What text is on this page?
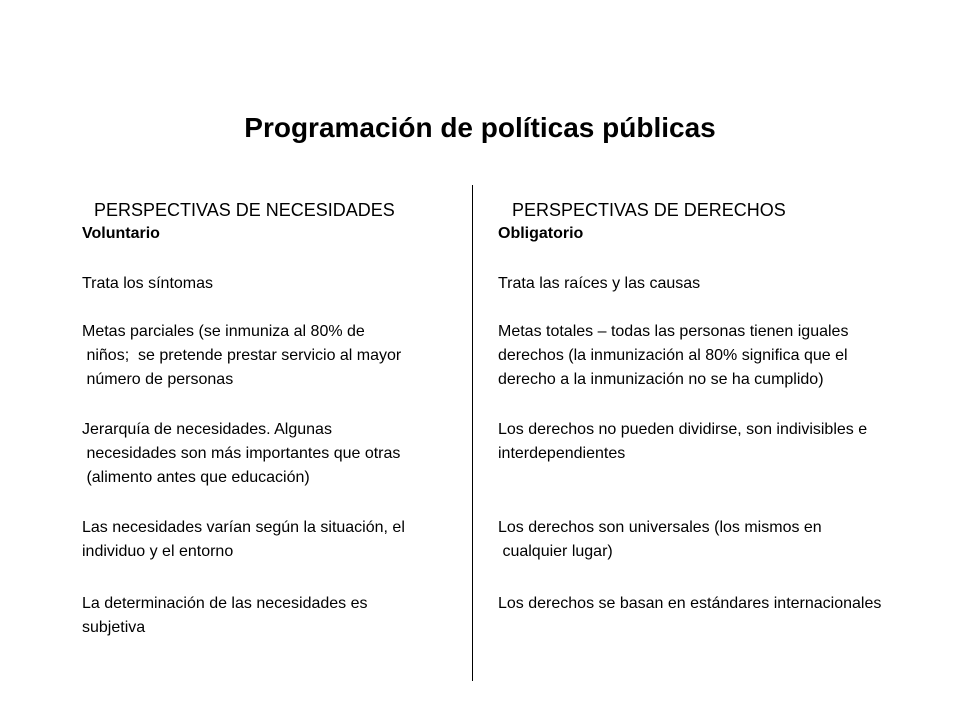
Programación de políticas públicas

PERSPECTIVAS DE NECESIDADES

Voluntario

Trata los síntomas

Metas parciales (se inmuniza al 80% de
niños;  se pretende prestar servicio al mayor
número de personas

Jerarquía de necesidades. Algunas
necesidades son más importantes que otras
(alimento antes que educación)

Las necesidades varían según la situación, el
individuo y el entorno

La determinación de las necesidades es
subjetiva

PERSPECTIVAS DE DERECHOS

Obligatorio

Trata las raíces y las causas

Metas totales – todas las personas tienen iguales
derechos (la inmunización al 80% significa que el
derecho a la inmunización no se ha cumplido)

Los derechos no pueden dividirse, son indivisibles e
interdependientes

Los derechos son universales (los mismos en
cualquier lugar)

Los derechos se basan en estándares internacionales
